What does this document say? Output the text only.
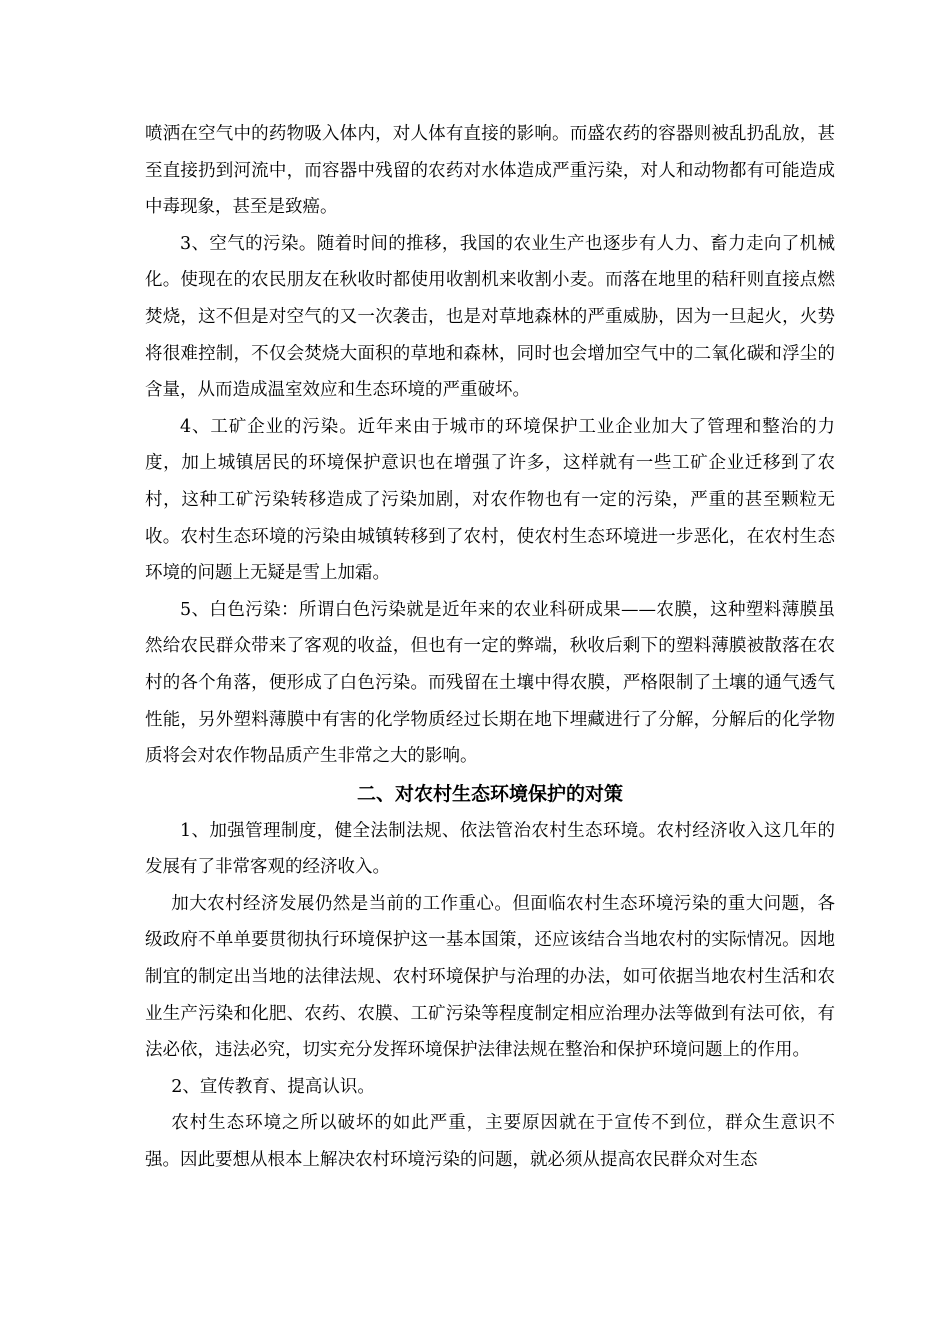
喷洒在空气中的药物吸入体内，对人体有直接的影响。而盛农药的容器则被乱扔乱放，甚至直接扔到河流中，而容器中残留的农药对水体造成严重污染，对人和动物都有可能造成中毒现象，甚至是致癌。

3、空气的污染。随着时间的推移，我国的农业生产也逐步有人力、畜力走向了机械化。使现在的农民朋友在秋收时都使用收割机来收割小麦。而落在地里的秸秆则直接点燃焚烧，这不但是对空气的又一次袭击，也是对草地森林的严重威胁，因为一旦起火，火势将很难控制，不仅会焚烧大面积的草地和森林，同时也会增加空气中的二氧化碳和浮尘的含量，从而造成温室效应和生态环境的严重破坏。

4、工矿企业的污染。近年来由于城市的环境保护工业企业加大了管理和整治的力度，加上城镇居民的环境保护意识也在增强了许多，这样就有一些工矿企业迁移到了农村，这种工矿污染转移造成了污染加剧，对农作物也有一定的污染，严重的甚至颗粒无收。农村生态环境的污染由城镇转移到了农村，使农村生态环境进一步恶化，在农村生态环境的问题上无疑是雪上加霜。

5、白色污染：所谓白色污染就是近年来的农业科研成果——农膜，这种塑料薄膜虽然给农民群众带来了客观的收益，但也有一定的弊端，秋收后剩下的塑料薄膜被散落在农村的各个角落，便形成了白色污染。而残留在土壤中得农膜，严格限制了土壤的通气透气性能，另外塑料薄膜中有害的化学物质经过长期在地下埋藏进行了分解，分解后的化学物质将会对农作物品质产生非常之大的影响。

二、对农村生态环境保护的对策

1、加强管理制度，健全法制法规、依法管治农村生态环境。农村经济收入这几年的发展有了非常客观的经济收入。

加大农村经济发展仍然是当前的工作重心。但面临农村生态环境污染的重大问题，各级政府不单单要贯彻执行环境保护这一基本国策，还应该结合当地农村的实际情况。因地制宜的制定出当地的法律法规、农村环境保护与治理的办法，如可依据当地农村生活和农业生产污染和化肥、农药、农膜、工矿污染等程度制定相应治理办法等做到有法可依，有法必依，违法必究，切实充分发挥环境保护法律法规在整治和保护环境问题上的作用。

2、宣传教育、提高认识。

农村生态环境之所以破坏的如此严重，主要原因就在于宣传不到位，群众生意识不强。因此要想从根本上解决农村环境污染的问题，就必须从提高农民群众对生态
